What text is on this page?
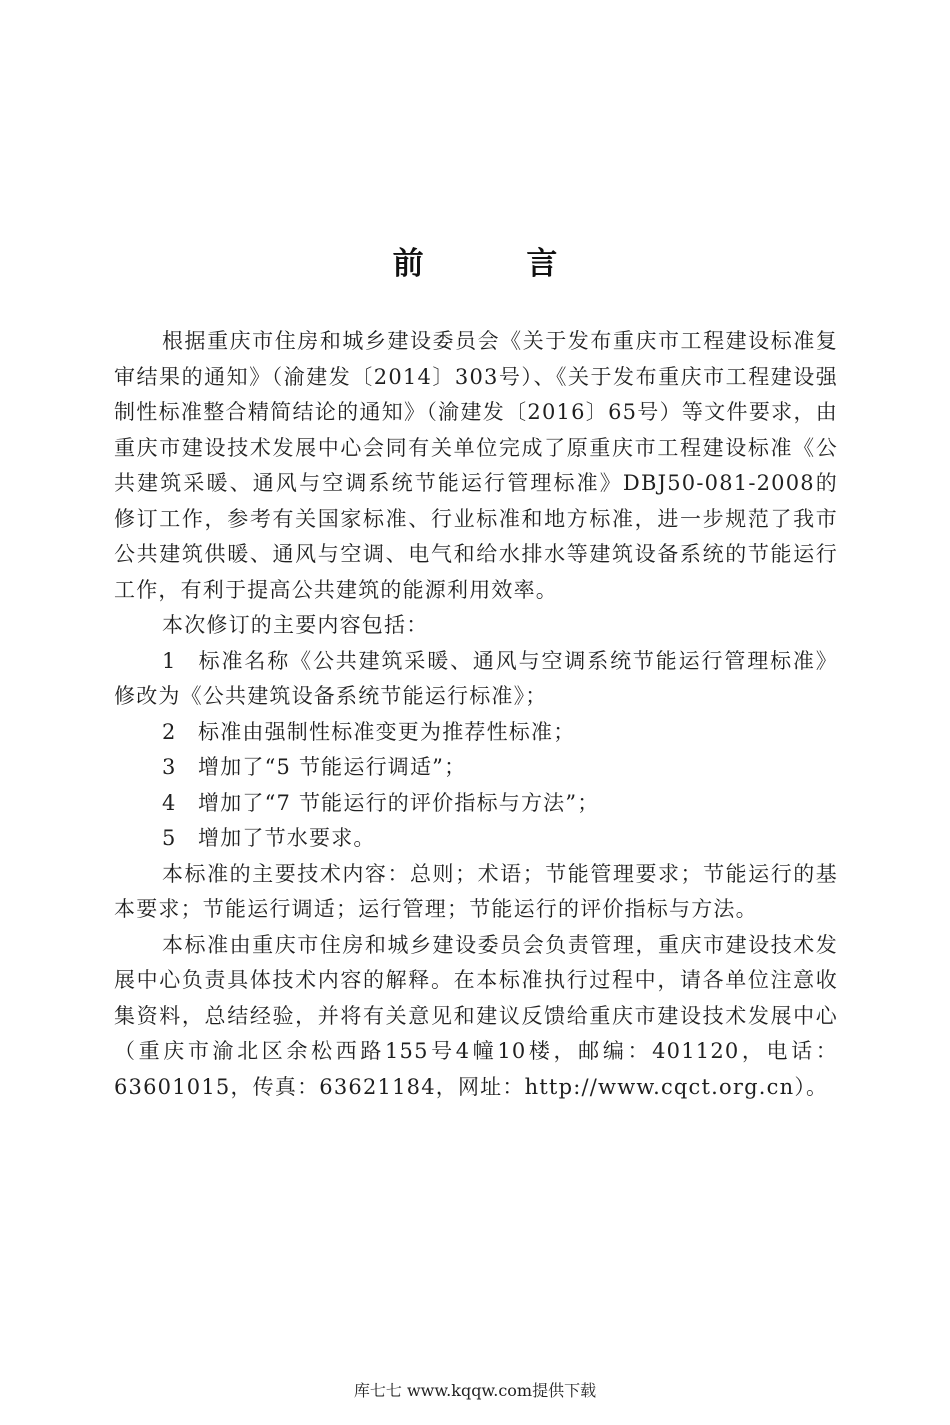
前 言

根据重庆市住房和城乡建设委员会《关于发布重庆市工程建设标准复审结果的通知》（渝建发〔2014〕303号）、《关于发布重庆市工程建设强制性标准整合精简结论的通知》（渝建发〔2016〕65号）等文件要求，由重庆市建设技术发展中心会同有关单位完成了原重庆市工程建设标准《公共建筑采暖、通风与空调系统节能运行管理标准》DBJ50-081-2008的修订工作，参考有关国家标准、行业标准和地方标准，进一步规范了我市公共建筑供暖、通风与空调、电气和给水排水等建筑设备系统的节能运行工作，有利于提高公共建筑的能源利用效率。

本次修订的主要内容包括：

1 标准名称《公共建筑采暖、通风与空调系统节能运行管理标准》修改为《公共建筑设备系统节能运行标准》；

2 标准由强制性标准变更为推荐性标准；

3 增加了“5 节能运行调适”；

4 增加了“7 节能运行的评价指标与方法”；

5 增加了节水要求。

本标准的主要技术内容：总则；术语；节能管理要求；节能运行的基本要求；节能运行调适；运行管理；节能运行的评价指标与方法。

本标准由重庆市住房和城乡建设委员会负责管理，重庆市建设技术发展中心负责具体技术内容的解释。在本标准执行过程中，请各单位注意收集资料，总结经验，并将有关意见和建议反馈给重庆市建设技术发展中心（重庆市渝北区余松西路155号4幢10楼，邮编：401120，电话：63601015，传真：63621184，网址：http://www.cqct.org.cn）。

库七七 www.kqqw.com提供下载
